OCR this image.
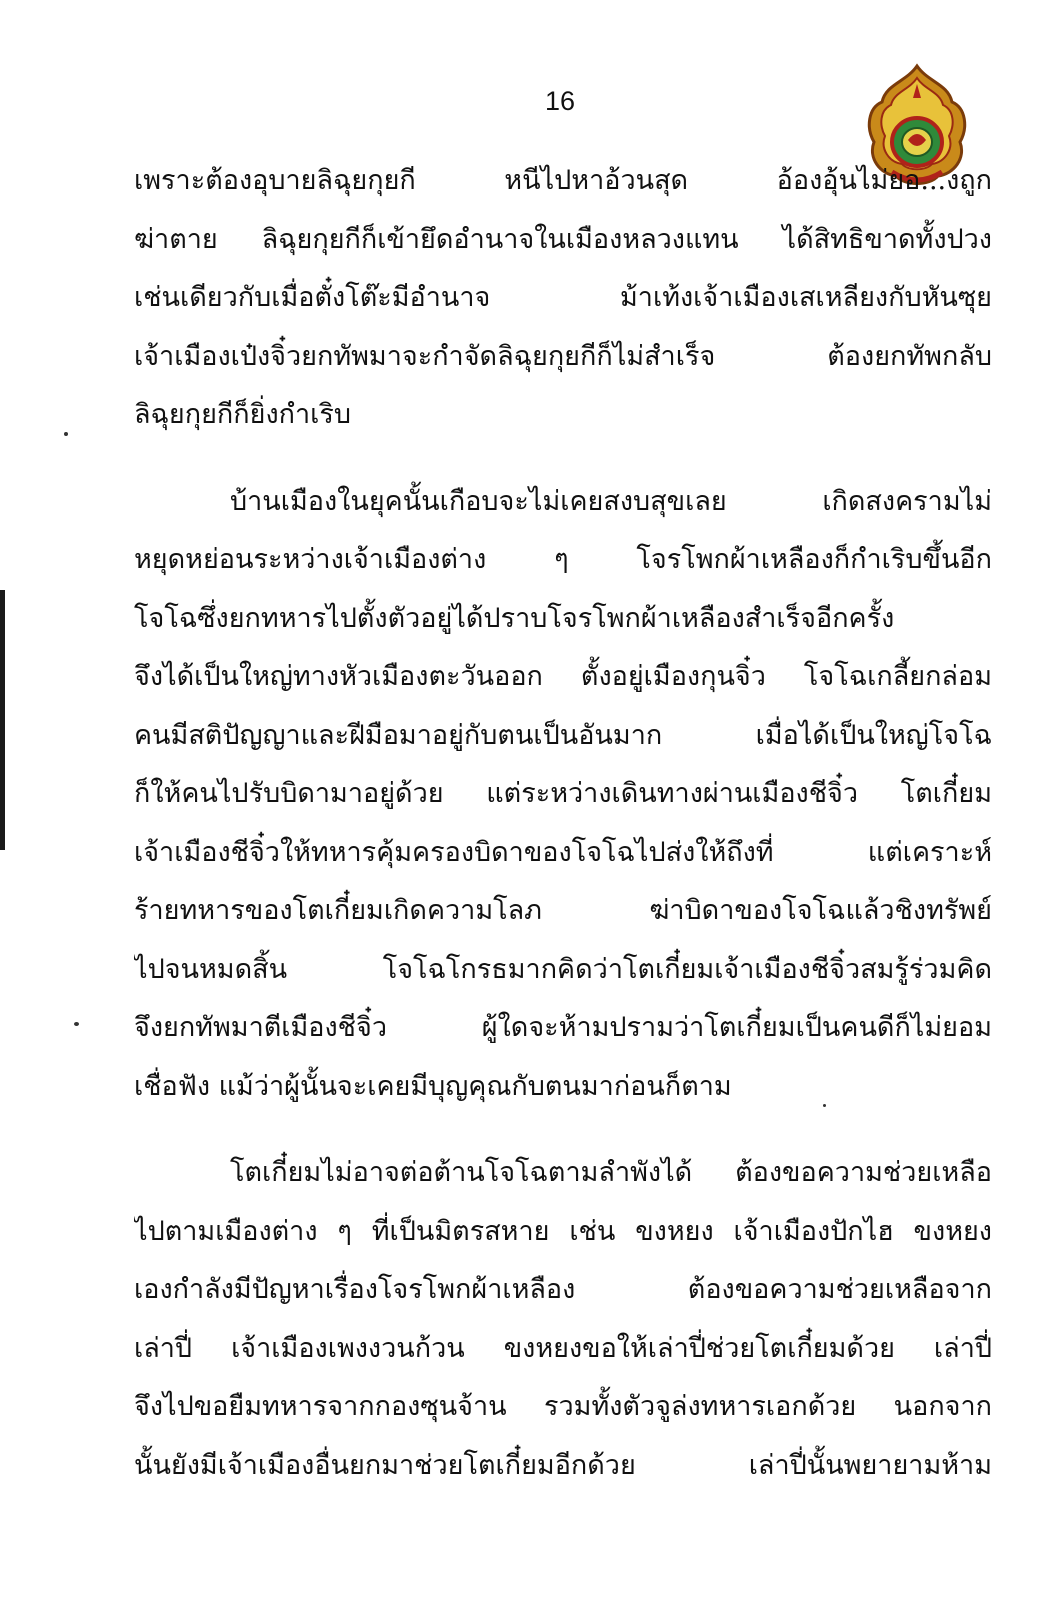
16
เพราะต้องอุบายลิฉุยกุยกี หนีไปหาอ้วนสุด อ้องอุ้นไม่ยอ...งถูก
ฆ่าตาย ลิฉุยกุยกีก็เข้ายึดอำนาจในเมืองหลวงแทน ได้สิทธิขาดทั้งปวง
เช่นเดียวกับเมื่อตั๋งโต๊ะมีอำนาจ ม้าเท้งเจ้าเมืองเสเหลียงกับหันซุย
เจ้าเมืองเป๋งจิ๋วยกทัพมาจะกำจัดลิฉุยกุยกีก็ไม่สำเร็จ ต้องยกทัพกลับ
ลิฉุยกุยกีก็ยิ่งกำเริบ
บ้านเมืองในยุคนั้นเกือบจะไม่เคยสงบสุขเลย เกิดสงครามไม่
หยุดหย่อนระหว่างเจ้าเมืองต่าง ๆ โจรโพกผ้าเหลืองก็กำเริบขึ้นอีก
โจโฉซึ่งยกทหารไปตั้งตัวอยู่ได้ปราบโจรโพกผ้าเหลืองสำเร็จอีกครั้ง
จึงได้เป็นใหญ่ทางหัวเมืองตะวันออก ตั้งอยู่เมืองกุนจิ๋ว โจโฉเกลี้ยกล่อม
คนมีสติปัญญาและฝีมือมาอยู่กับตนเป็นอันมาก เมื่อได้เป็นใหญ่โจโฉ
ก็ให้คนไปรับบิดามาอยู่ด้วย แต่ระหว่างเดินทางผ่านเมืองชีจิ๋ว โตเกี๋ยม
เจ้าเมืองชีจิ๋วให้ทหารคุ้มครองบิดาของโจโฉไปส่งให้ถึงที่ แต่เคราะห์
ร้ายทหารของโตเกี๋ยมเกิดความโลภ ฆ่าบิดาของโจโฉแล้วชิงทรัพย์
ไปจนหมดสิ้น โจโฉโกรธมากคิดว่าโตเกี๋ยมเจ้าเมืองชีจิ๋วสมรู้ร่วมคิด
จึงยกทัพมาตีเมืองชีจิ๋ว ผู้ใดจะห้ามปรามว่าโตเกี๋ยมเป็นคนดีก็ไม่ยอม
เชื่อฟัง แม้ว่าผู้นั้นจะเคยมีบุญคุณกับตนมาก่อนก็ตาม
โตเกี๋ยมไม่อาจต่อต้านโจโฉตามลำพังได้ ต้องขอความช่วยเหลือ
ไปตามเมืองต่าง ๆ ที่เป็นมิตรสหาย เช่น ขงหยง เจ้าเมืองปักไฮ ขงหยง
เองกำลังมีปัญหาเรื่องโจรโพกผ้าเหลือง ต้องขอความช่วยเหลือจาก
เล่าปี่ เจ้าเมืองเพงงวนก้วน ขงหยงขอให้เล่าปี่ช่วยโตเกี๋ยมด้วย เล่าปี่
จึงไปขอยืมทหารจากกองซุนจ้าน รวมทั้งตัวจูล่งทหารเอกด้วย นอกจาก
นั้นยังมีเจ้าเมืองอื่นยกมาช่วยโตเกี๋ยมอีกด้วย เล่าปี่นั้นพยายามห้าม
